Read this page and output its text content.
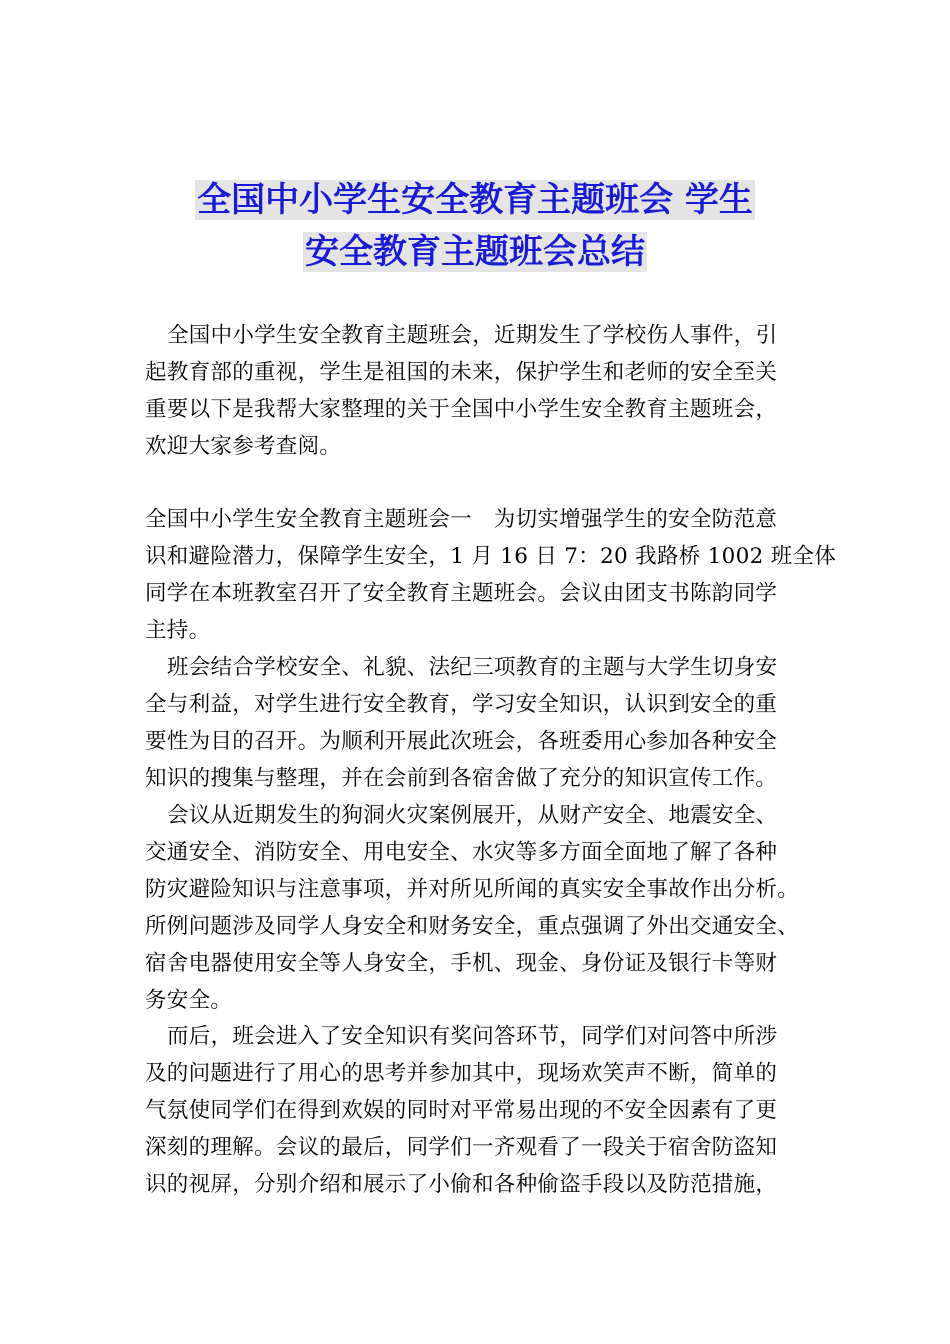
全国中小学生安全教育主题班会 学生
安全教育主题班会总结

全国中小学生安全教育主题班会，近期发生了学校伤人事件，引
起教育部的重视，学生是祖国的未来，保护学生和老师的安全至关
重要以下是我帮大家整理的关于全国中小学生安全教育主题班会，
欢迎大家参考查阅。

全国中小学生安全教育主题班会一　为切实增强学生的安全防范意
识和避险潜力，保障学生安全，1 月 16 日 7：20 我路桥 1002 班全体
同学在本班教室召开了安全教育主题班会。会议由团支书陈韵同学
主持。

班会结合学校安全、礼貌、法纪三项教育的主题与大学生切身安
全与利益，对学生进行安全教育，学习安全知识，认识到安全的重
要性为目的召开。为顺利开展此次班会，各班委用心参加各种安全
知识的搜集与整理，并在会前到各宿舍做了充分的知识宣传工作。

会议从近期发生的狗洞火灾案例展开，从财产安全、地震安全、
交通安全、消防安全、用电安全、水灾等多方面全面地了解了各种
防灾避险知识与注意事项，并对所见所闻的真实安全事故作出分析。
所例问题涉及同学人身安全和财务安全，重点强调了外出交通安全、
宿舍电器使用安全等人身安全，手机、现金、身份证及银行卡等财
务安全。

而后，班会进入了安全知识有奖问答环节，同学们对问答中所涉
及的问题进行了用心的思考并参加其中，现场欢笑声不断，简单的
气氛使同学们在得到欢娱的同时对平常易出现的不安全因素有了更
深刻的理解。会议的最后，同学们一齐观看了一段关于宿舍防盗知
识的视屏，分别介绍和展示了小偷和各种偷盗手段以及防范措施，
